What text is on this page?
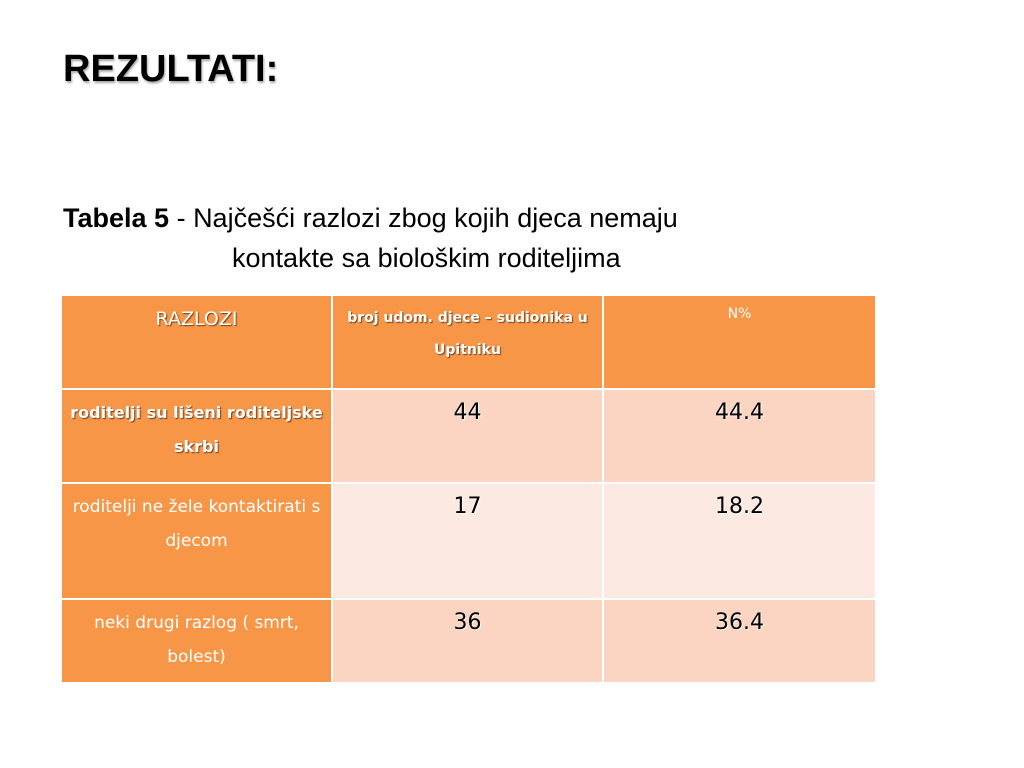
REZULTATI:
Tabela 5 - Najčešći razlozi zbog kojih djeca nemaju
kontakte sa biološkim roditeljima
RAZLOZI	broj udom. djece – sudionika u Upitniku	N%

roditelji su lišeni roditeljske skrbi	44	44.4

roditelji ne žele kontaktirati s djecom	17	18.2

neki drugi razlog ( smrt, bolest)	36	36.4
